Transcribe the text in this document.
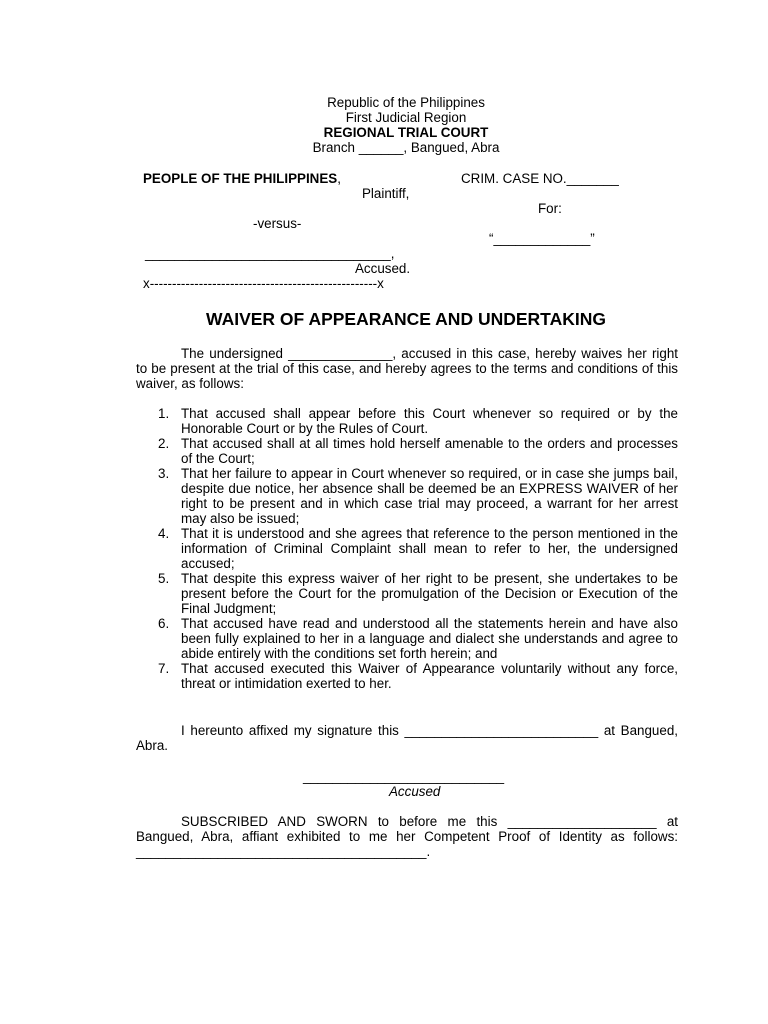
Republic of the Philippines
First Judicial Region
REGIONAL TRIAL COURT
Branch ______, Bangued, Abra
PEOPLE OF THE PHILIPPINES,
Plaintiff,
-versus-
_________________________________,
Accused.
x---------------------------------------------------x
CRIM. CASE NO._______
For:
“_____________”
WAIVER OF APPEARANCE AND UNDERTAKING
The undersigned ______________, accused in this case, hereby waives her right to be present at the trial of this case, and hereby agrees to the terms and conditions of this waiver, as follows:
1. That accused shall appear before this Court whenever so required or by the Honorable Court or by the Rules of Court.
2. That accused shall at all times hold herself amenable to the orders and processes of the Court;
3. That her failure to appear in Court whenever so required, or in case she jumps bail, despite due notice, her absence shall be deemed be an EXPRESS WAIVER of her right to be present and in which case trial may proceed, a warrant for her arrest may also be issued;
4. That it is understood and she agrees that reference to the person mentioned in the information of Criminal Complaint shall mean to refer to her, the undersigned accused;
5. That despite this express waiver of her right to be present, she undertakes to be present before the Court for the promulgation of the Decision or Execution of the Final Judgment;
6. That accused have read and understood all the statements herein and have also been fully explained to her in a language and dialect she understands and agree to abide entirely with the conditions set forth herein; and
7. That accused executed this Waiver of Appearance voluntarily without any force, threat or intimidation exerted to her.
I hereunto affixed my signature this __________________________ at Bangued, Abra.
___________________________
Accused
SUBSCRIBED AND SWORN to before me this ____________________ at Bangued, Abra, affiant exhibited to me her Competent Proof of Identity as follows: _______________________________________.
